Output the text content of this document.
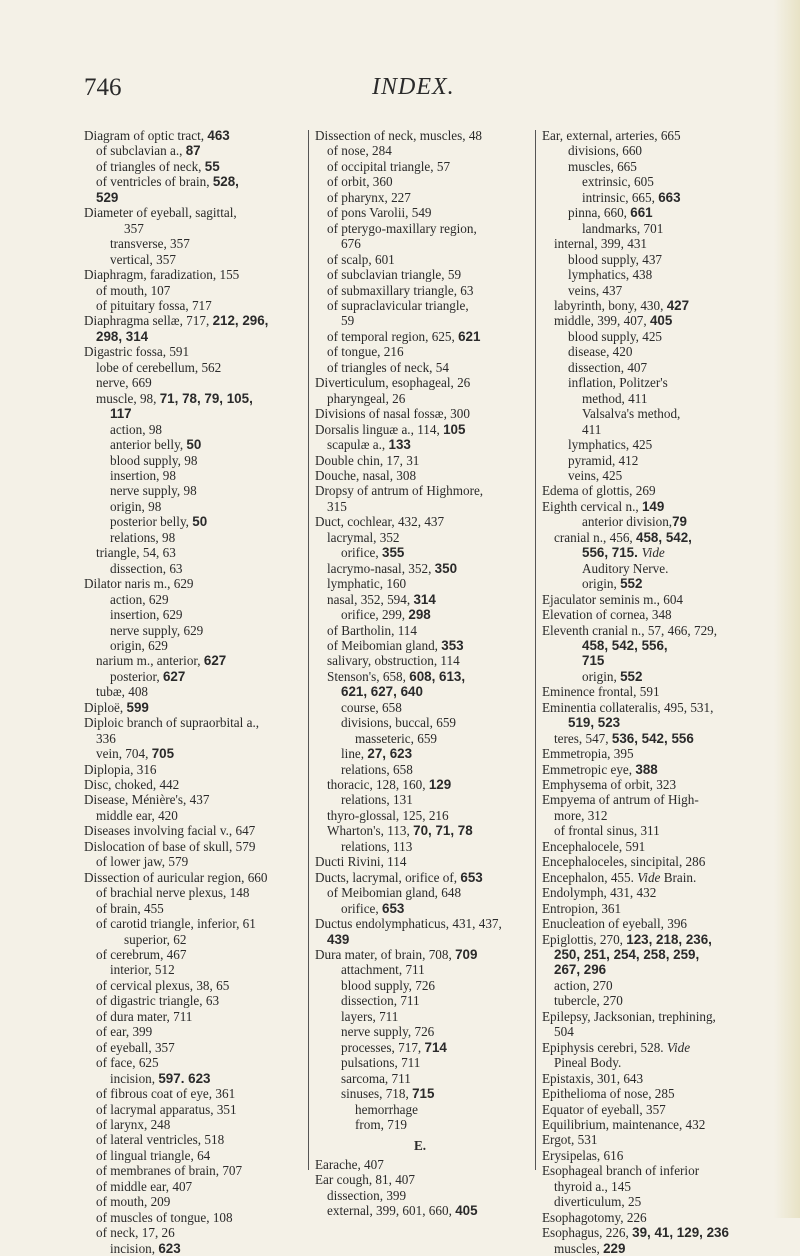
746	INDEX.
Diagram of optic tract, 463
of subclavian a., 87
of triangles of neck, 55
of ventricles of brain, 528,
529
Diameter of eyeball, sagittal,
357
transverse, 357
vertical, 357
Diaphragm, faradization, 155
of mouth, 107
of pituitary fossa, 717
Diaphragma sellæ, 717, 212, 296,
298, 314
Digastric fossa, 591
lobe of cerebellum, 562
nerve, 669
muscle, 98, 71, 78, 79, 105,
117
action, 98
anterior belly, 50
blood supply, 98
insertion, 98
nerve supply, 98
origin, 98
posterior belly, 50
relations, 98
triangle, 54, 63
dissection, 63
Dilator naris m., 629
action, 629
insertion, 629
nerve supply, 629
origin, 629
narium m., anterior, 627
posterior, 627
tubæ, 408
Diploë, 599
Diploic branch of supraorbital a.,
336
vein, 704, 705
Diplopia, 316
Disc, choked, 442
Disease, Ménière's, 437
middle ear, 420
Diseases involving facial v., 647
Dislocation of base of skull, 579
of lower jaw, 579
Dissection of auricular region, 660
of brachial nerve plexus, 148
of brain, 455
of carotid triangle, inferior, 61
superior, 62
of cerebrum, 467
interior, 512
of cervical plexus, 38, 65
of digastric triangle, 63
of dura mater, 711
of ear, 399
of eyeball, 357
of face, 625
incision, 597. 623
of fibrous coat of eye, 361
of lacrymal apparatus, 351
of larynx, 248
of lateral ventricles, 518
of lingual triangle, 64
of membranes of brain, 707
of middle ear, 407
of mouth, 209
of muscles of tongue, 108
of neck, 17, 26
incision, 623
Dissection of neck, muscles, 48
of nose, 284
of occipital triangle, 57
of orbit, 360
of pharynx, 227
of pons Varolii, 549
of pterygo-maxillary region,
676
of scalp, 601
of subclavian triangle, 59
of submaxillary triangle, 63
of supraclavicular triangle,
59
of temporal region, 625, 621
of tongue, 216
of triangles of neck, 54
Diverticulum, esophageal, 26
pharyngeal, 26
Divisions of nasal fossæ, 300
Dorsalis linguæ a., 114, 105
scapulæ a., 133
Double chin, 17, 31
Douche, nasal, 308
Dropsy of antrum of Highmore,
315
Duct, cochlear, 432, 437
lacrymal, 352
orifice, 355
lacrymo-nasal, 352, 350
lymphatic, 160
nasal, 352, 594, 314
orifice, 299, 298
of Bartholin, 114
of Meibomian gland, 353
salivary, obstruction, 114
Stenson's, 658, 608, 613,
621, 627, 640
course, 658
divisions, buccal, 659
masseteric, 659
line, 27, 623
relations, 658
thoracic, 128, 160, 129
relations, 131
thyro-glossal, 125, 216
Wharton's, 113, 70, 71, 78
relations, 113
Ducti Rivini, 114
Ducts, lacrymal, orifice of, 653
of Meibomian gland, 648
orifice, 653
Ductus endolymphaticus, 431, 437,
439
Dura mater, of brain, 708, 709
attachment, 711
blood supply, 726
dissection, 711
layers, 711
nerve supply, 726
processes, 717, 714
pulsations, 711
sarcoma, 711
sinuses, 718, 715
hemorrhage
from, 719
E.
Earache, 407
Ear cough, 81, 407
dissection, 399
external, 399, 601, 660, 405
Ear, external, arteries, 665
divisions, 660
muscles, 665
extrinsic, 605
intrinsic, 665, 663
pinna, 660, 661
landmarks, 701
internal, 399, 431
blood supply, 437
lymphatics, 438
veins, 437
labyrinth, bony, 430, 427
middle, 399, 407, 405
blood supply, 425
disease, 420
dissection, 407
inflation, Politzer's
method, 411
Valsalva's method,
411
lymphatics, 425
pyramid, 412
veins, 425
Edema of glottis, 269
Eighth cervical n., 149
anterior division,79
cranial n., 456, 458, 542,
556, 715. Vide
Auditory Nerve.
origin, 552
Ejaculator seminis m., 604
Elevation of cornea, 348
Eleventh cranial n., 57, 466, 729,
458, 542, 556,
715
origin, 552
Eminence frontal, 591
Eminentia collateralis, 495, 531,
519, 523
teres, 547, 536, 542, 556
Emmetropia, 395
Emmetropic eye, 388
Emphysema of orbit, 323
Empyema of antrum of High-
more, 312
of frontal sinus, 311
Encephalocele, 591
Encephaloceles, sincipital, 286
Encephalon, 455. Vide Brain.
Endolymph, 431, 432
Entropion, 361
Enucleation of eyeball, 396
Epiglottis, 270, 123, 218, 236,
250, 251, 254, 258, 259,
267, 296
action, 270
tubercle, 270
Epilepsy, Jacksonian, trephining,
504
Epiphysis cerebri, 528. Vide
Pineal Body.
Epistaxis, 301, 643
Epithelioma of nose, 285
Equator of eyeball, 357
Equilibrium, maintenance, 432
Ergot, 531
Erysipelas, 616
Esophageal branch of inferior
thyroid a., 145
diverticulum, 25
Esophagotomy, 226
Esophagus, 226, 39, 41, 129, 236
muscles, 229
